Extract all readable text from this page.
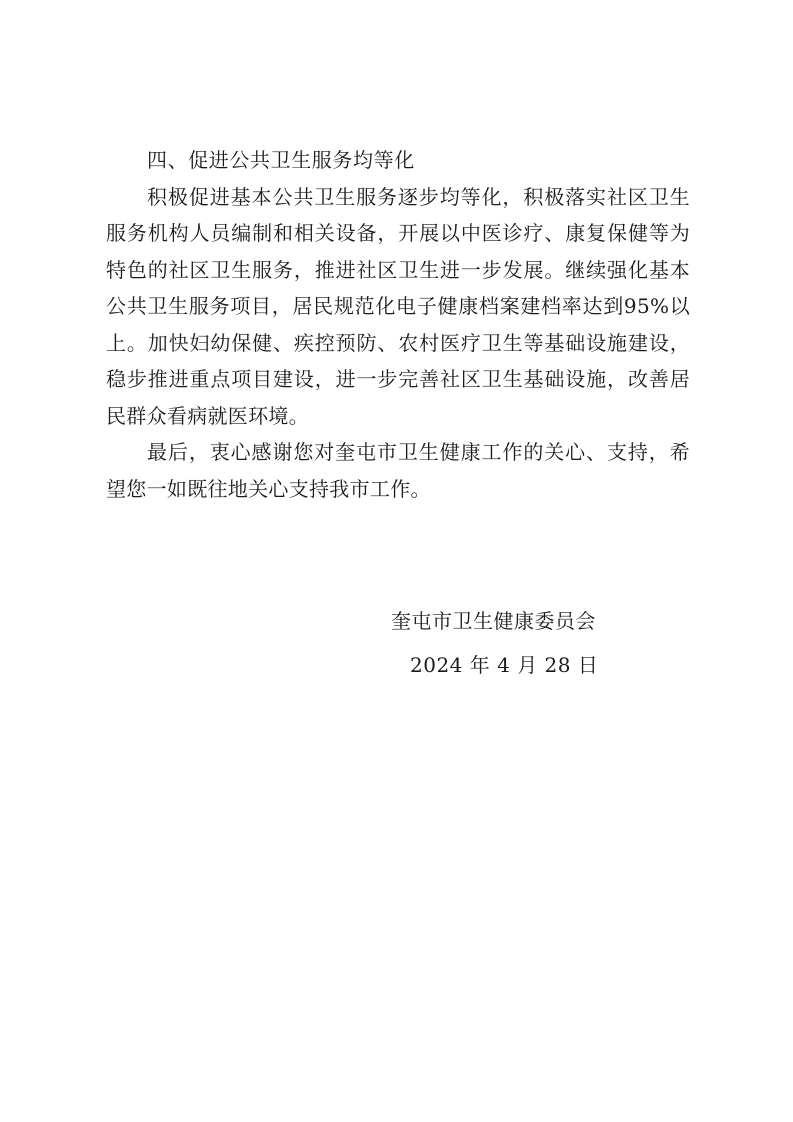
四、促进公共卫生服务均等化

积极促进基本公共卫生服务逐步均等化，积极落实社区卫生服务机构人员编制和相关设备，开展以中医诊疗、康复保健等为特色的社区卫生服务，推进社区卫生进一步发展。继续强化基本公共卫生服务项目，居民规范化电子健康档案建档率达到95%以上。加快妇幼保健、疾控预防、农村医疗卫生等基础设施建设，稳步推进重点项目建设，进一步完善社区卫生基础设施，改善居民群众看病就医环境。

最后，衷心感谢您对奎屯市卫生健康工作的关心、支持，希望您一如既往地关心支持我市工作。

奎屯市卫生健康委员会
2024 年 4 月 28 日
